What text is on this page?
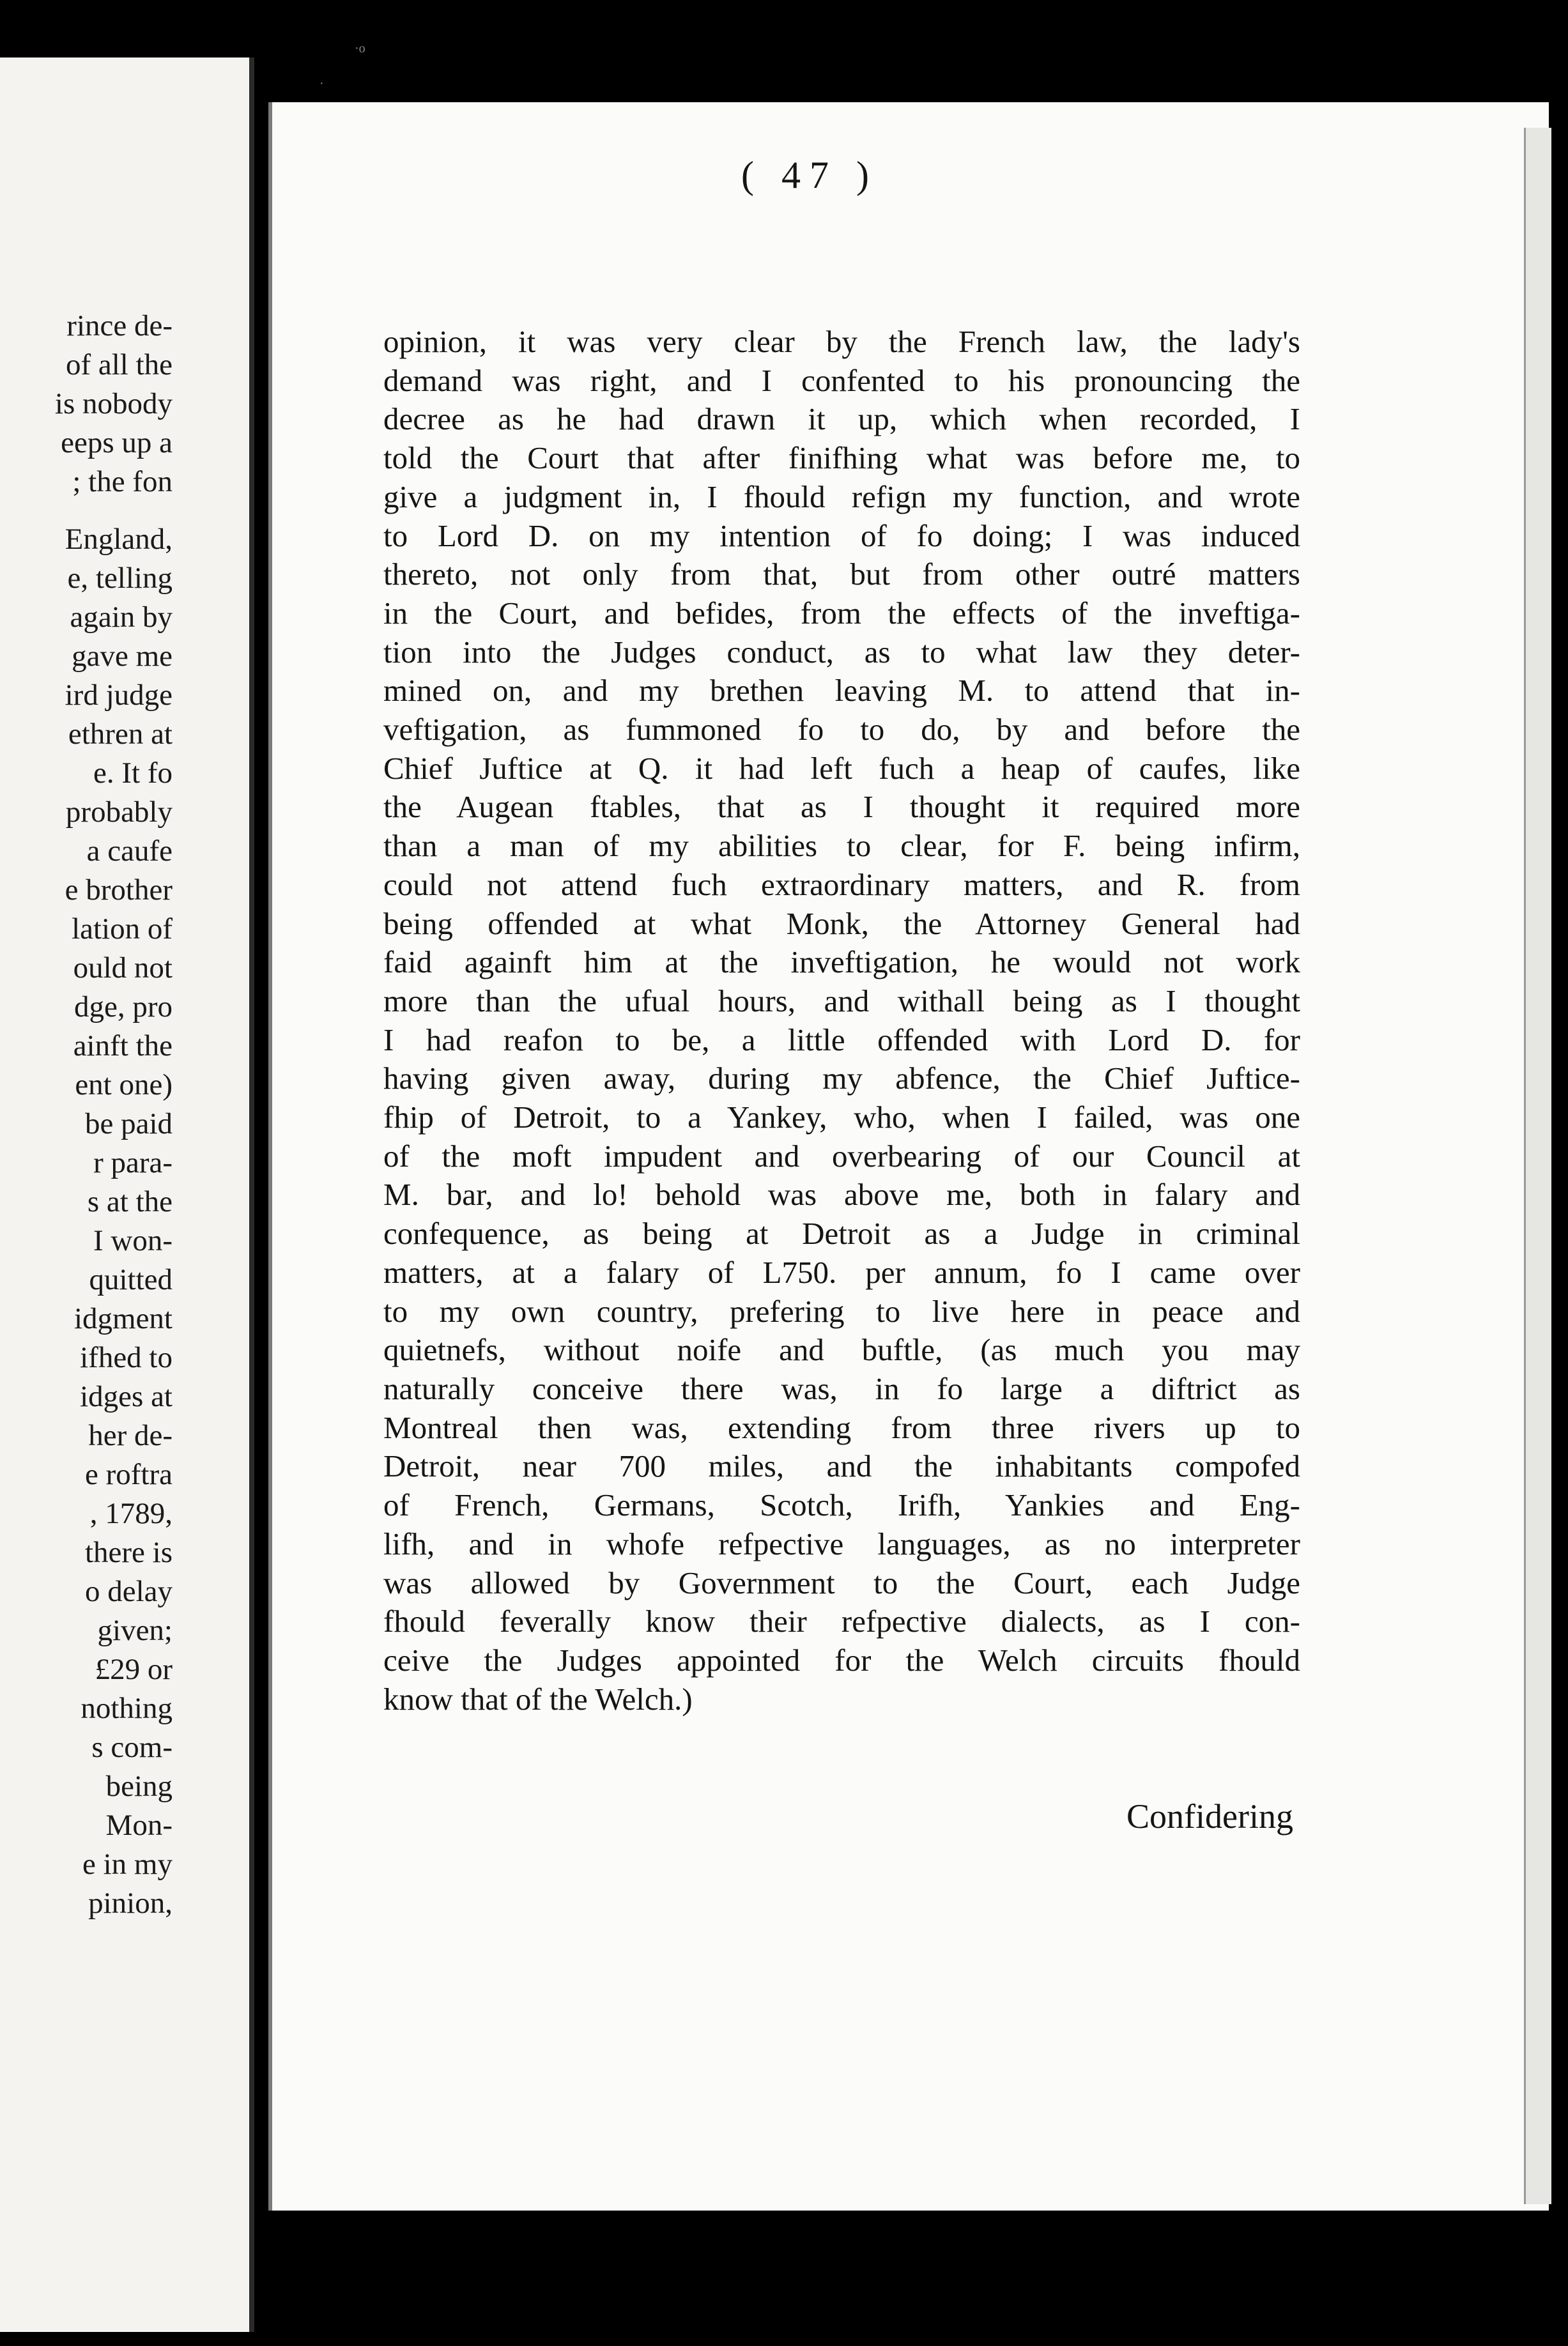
·o
·
rince de-
of all the
is nobody
eeps up a
; the fon
England,
e, telling
again by
gave me
ird judge
ethren at
e. It fo
probably
a caufe
e brother
lation of
ould not
dge, pro
ainft the
ent one)
be paid
r para-
s at the
I won-
quitted
idgment
ifhed to
idges at
her de-
e roftra
, 1789,
there is
o delay
given;
£29 or
nothing
s com-
being
Mon-
e in my
pinion,
( 47 )
opinion, it was very clear by the French law, the lady's
demand was right, and I confented to his pronouncing the
decree as he had drawn it up, which when recorded, I
told the Court that after finifhing what was before me, to
give a judgment in, I fhould refign my function, and wrote
to Lord D. on my intention of fo doing; I was induced
thereto, not only from that, but from other outré matters
in the Court, and befides, from the effects of the inveftiga-
tion into the Judges conduct, as to what law they deter-
mined on, and my brethen leaving M. to attend that in-
veftigation, as fummoned fo to do, by and before the
Chief Juftice at Q. it had left fuch a heap of caufes, like
the Augean ftables, that as I thought it required more
than a man of my abilities to clear, for F. being infirm,
could not attend fuch extraordinary matters, and R. from
being offended at what Monk, the Attorney General had
faid againft him at the inveftigation, he would not work
more than the ufual hours, and withall being as I thought
I had reafon to be, a little offended with Lord D. for
having given away, during my abfence, the Chief Juftice-
fhip of Detroit, to a Yankey, who, when I failed, was one
of the moft impudent and overbearing of our Council at
M. bar, and lo! behold was above me, both in falary and
confequence, as being at Detroit as a Judge in criminal
matters, at a falary of L750. per annum, fo I came over
to my own country, prefering to live here in peace and
quietnefs, without noife and buftle, (as much you may
naturally conceive there was, in fo large a diftrict as
Montreal then was, extending from three rivers up to
Detroit, near 700 miles, and the inhabitants compofed
of French, Germans, Scotch, Irifh, Yankies and Eng-
lifh, and in whofe refpective languages, as no interpreter
was allowed by Government to the Court, each Judge
fhould feverally know their refpective dialects, as I con-
ceive the Judges appointed for the Welch circuits fhould
know that of the Welch.)
Confidering
